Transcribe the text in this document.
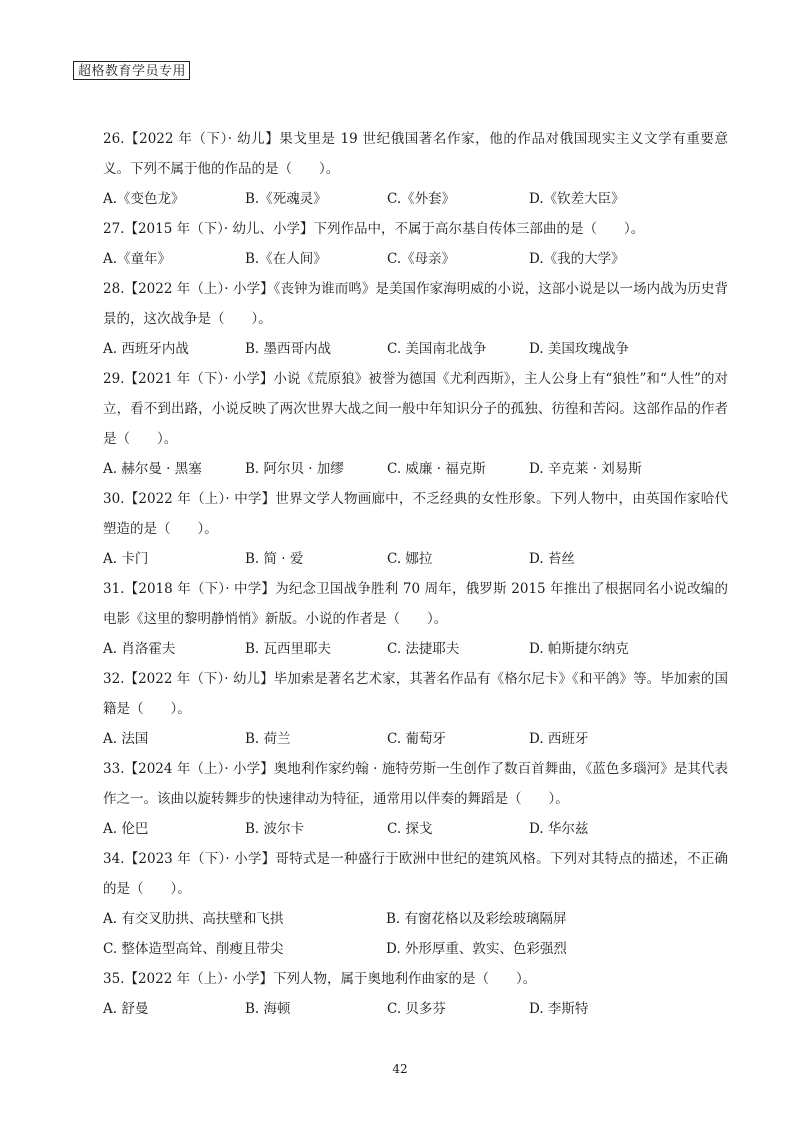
超格教育学员专用

26.【2022 年（下）· 幼儿】果戈里是 19 世纪俄国著名作家，他的作品对俄国现实主义文学有重要意义。下列不属于他的作品的是（　　）。

A.《变色龙》	B.《死魂灵》	C.《外套》	D.《钦差大臣》

27.【2015 年（下）· 幼儿、小学】下列作品中，不属于高尔基自传体三部曲的是（　　）。

A.《童年》	B.《在人间》	C.《母亲》	D.《我的大学》

28.【2022 年（上）· 小学】《丧钟为谁而鸣》是美国作家海明威的小说，这部小说是以一场内战为历史背景的，这次战争是（　　）。

A. 西班牙内战	B. 墨西哥内战	C. 美国南北战争	D. 美国玫瑰战争

29.【2021 年（下）· 小学】小说《荒原狼》被誉为德国《尤利西斯》，主人公身上有“狼性”和“人性”的对立，看不到出路，小说反映了两次世界大战之间一般中年知识分子的孤独、彷徨和苦闷。这部作品的作者是（　　）。

A. 赫尔曼 · 黑塞	B. 阿尔贝 · 加缪	C. 威廉 · 福克斯	D. 辛克莱 · 刘易斯

30.【2022 年（上）· 中学】世界文学人物画廊中，不乏经典的女性形象。下列人物中，由英国作家哈代塑造的是（　　）。

A. 卡门	B. 简 · 爱	C. 娜拉	D. 苔丝

31.【2018 年（下）· 中学】为纪念卫国战争胜利 70 周年，俄罗斯 2015 年推出了根据同名小说改编的电影《这里的黎明静悄悄》新版。小说的作者是（　　）。

A. 肖洛霍夫	B. 瓦西里耶夫	C. 法捷耶夫	D. 帕斯捷尔纳克

32.【2022 年（下）· 幼儿】毕加索是著名艺术家，其著名作品有《格尔尼卡》《和平鸽》等。毕加索的国籍是（　　）。

A. 法国	B. 荷兰	C. 葡萄牙	D. 西班牙

33.【2024 年（上）· 小学】奥地利作家约翰 · 施特劳斯一生创作了数百首舞曲，《蓝色多瑙河》是其代表作之一。该曲以旋转舞步的快速律动为特征，通常用以伴奏的舞蹈是（　　）。

A. 伦巴	B. 波尔卡	C. 探戈	D. 华尔兹

34.【2023 年（下）· 小学】哥特式是一种盛行于欧洲中世纪的建筑风格。下列对其特点的描述，不正确的是（　　）。

A. 有交叉肋拱、高扶壁和飞拱	B. 有窗花格以及彩绘玻璃隔屏
C. 整体造型高耸、削瘦且带尖	D. 外形厚重、敦实、色彩强烈

35.【2022 年（上）· 小学】下列人物，属于奥地利作曲家的是（　　）。

A. 舒曼	B. 海顿	C. 贝多芬	D. 李斯特
42
